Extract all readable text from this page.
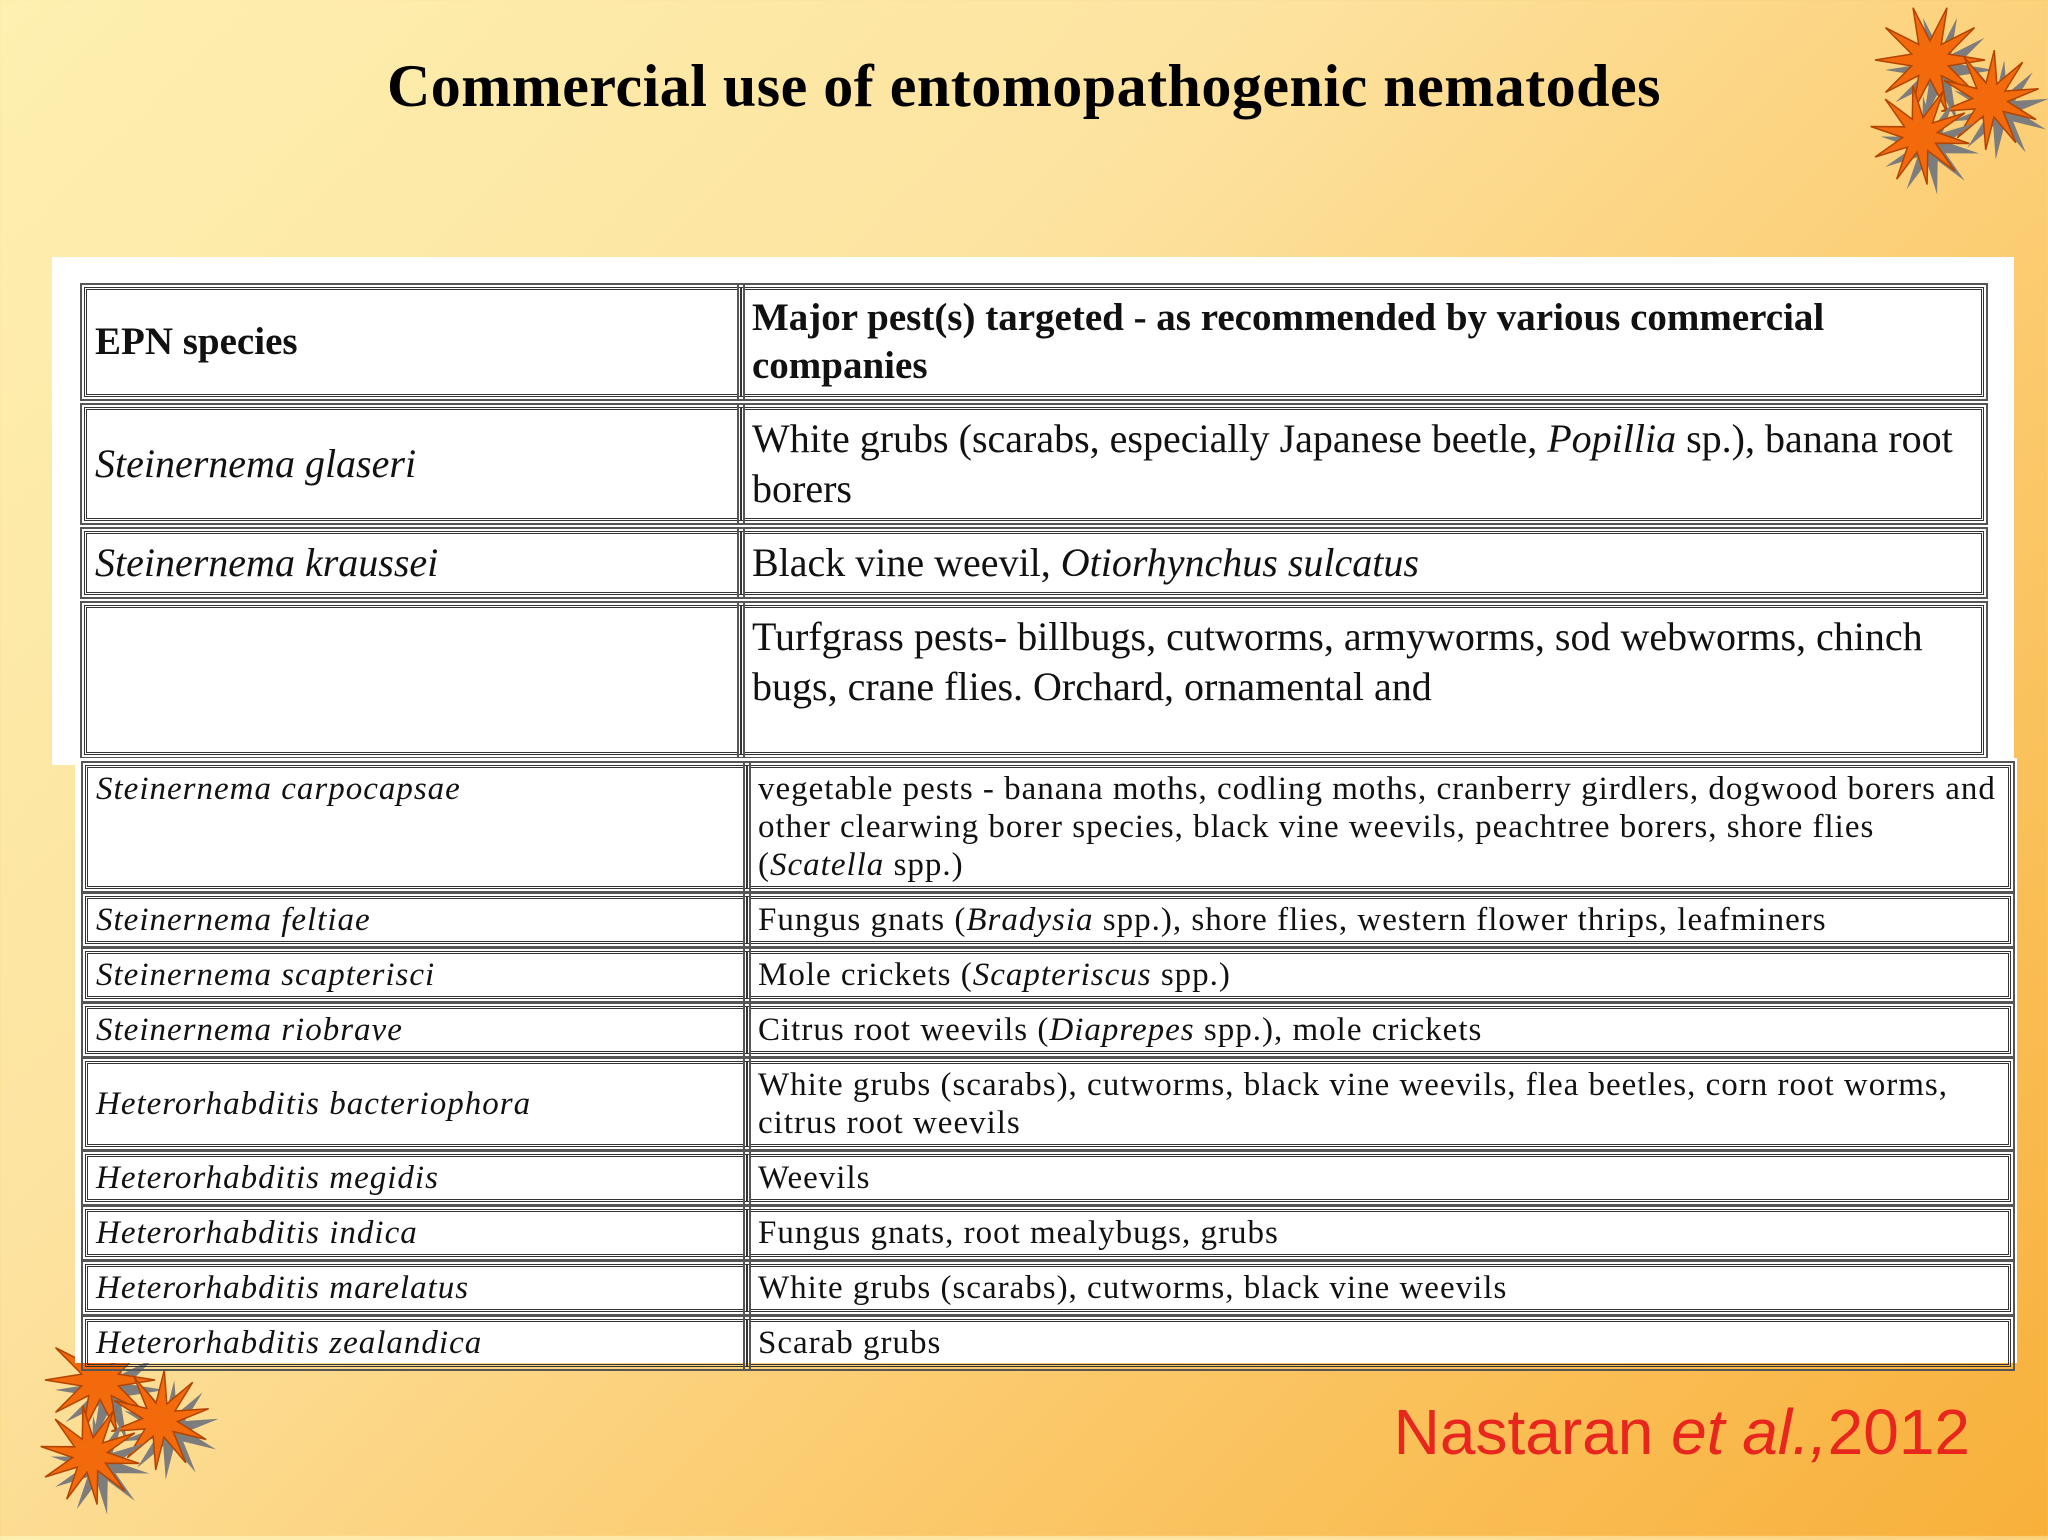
Commercial use of entomopathogenic nematodes
EPN species	Major pest(s) targeted - as recommended by various commercial companies
Steinernema glaseri	White grubs (scarabs, especially Japanese beetle, Popillia sp.), banana root borers
Steinernema kraussei	Black vine weevil, Otiorhynchus sulcatus
	Turfgrass pests- billbugs, cutworms, armyworms, sod webworms, chinch bugs, crane flies. Orchard, ornamental and
Steinernema carpocapsae	vegetable pests - banana moths, codling moths, cranberry girdlers, dogwood borers and other clearwing borer species, black vine weevils, peachtree borers, shore flies (Scatella spp.)
Steinernema feltiae	Fungus gnats (Bradysia spp.), shore flies, western flower thrips, leafminers
Steinernema scapterisci	Mole crickets (Scapteriscus spp.)
Steinernema riobrave	Citrus root weevils (Diaprepes spp.), mole crickets
Heterorhabditis bacteriophora	White grubs (scarabs), cutworms, black vine weevils, flea beetles, corn root worms, citrus root weevils
Heterorhabditis megidis	Weevils
Heterorhabditis indica	Fungus gnats, root mealybugs, grubs
Heterorhabditis marelatus	White grubs (scarabs), cutworms, black vine weevils
Heterorhabditis zealandica	Scarab grubs
Nastaran et al.,2012
